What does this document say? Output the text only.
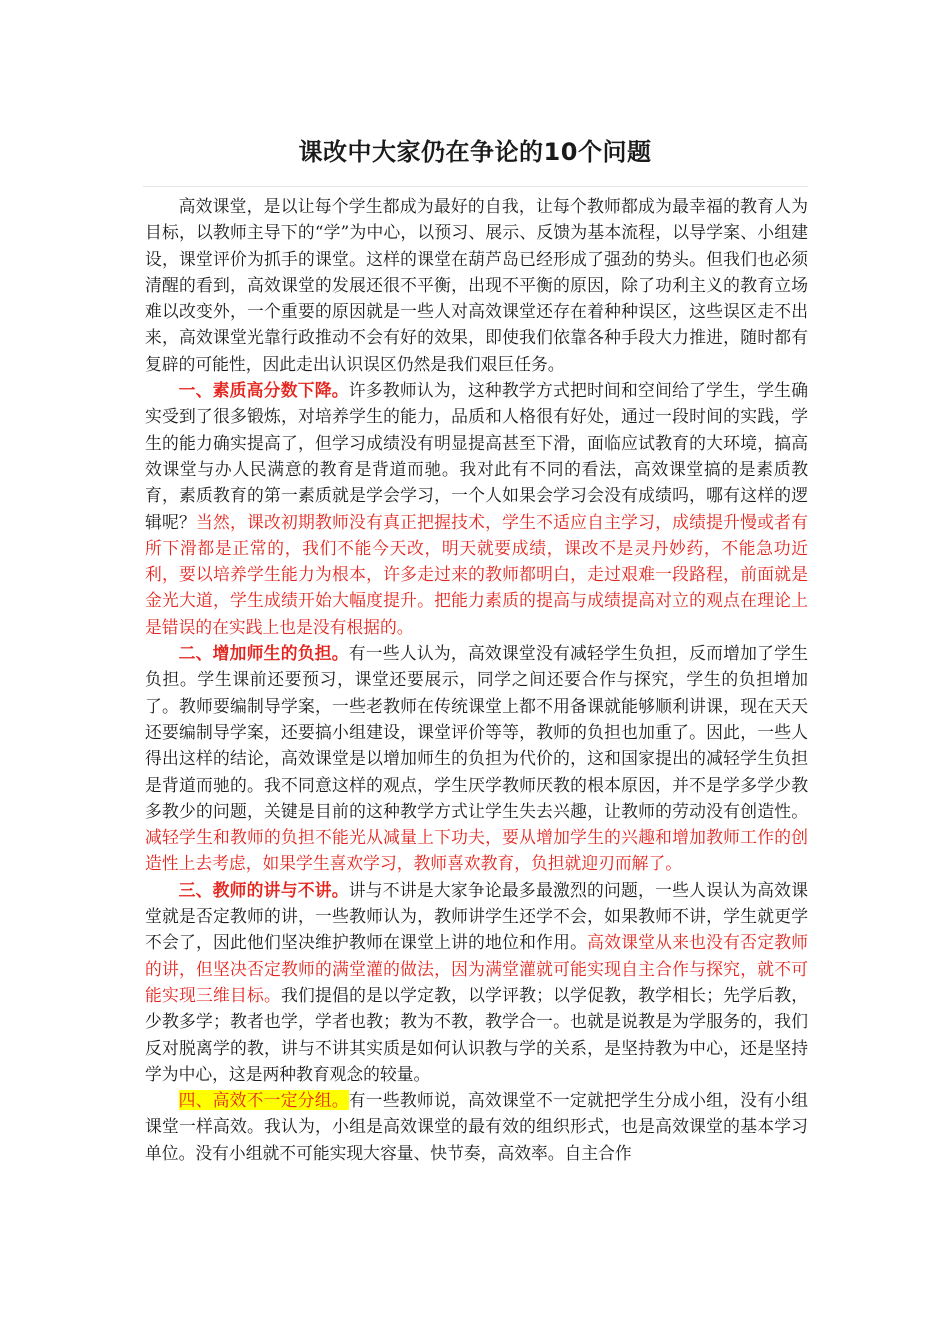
课改中大家仍在争论的10个问题

高效课堂，是以让每个学生都成为最好的自我，让每个教师都成为最幸福的教育人为目标，以教师主导下的“学”为中心，以预习、展示、反馈为基本流程，以导学案、小组建设，课堂评价为抓手的课堂。这样的课堂在葫芦岛已经形成了强劲的势头。但我们也必须清醒的看到，高效课堂的发展还很不平衡，出现不平衡的原因，除了功利主义的教育立场难以改变外，一个重要的原因就是一些人对高效课堂还存在着种种误区，这些误区走不出来，高效课堂光靠行政推动不会有好的效果，即使我们依靠各种手段大力推进，随时都有复辟的可能性，因此走出认识误区仍然是我们艰巨任务。

一、素质高分数下降。许多教师认为，这种教学方式把时间和空间给了学生，学生确实受到了很多锻炼，对培养学生的能力，品质和人格很有好处，通过一段时间的实践，学生的能力确实提高了，但学习成绩没有明显提高甚至下滑，面临应试教育的大环境，搞高效课堂与办人民满意的教育是背道而驰。我对此有不同的看法，高效课堂搞的是素质教育，素质教育的第一素质就是学会学习，一个人如果会学习会没有成绩吗，哪有这样的逻辑呢？当然，课改初期教师没有真正把握技术，学生不适应自主学习，成绩提升慢或者有所下滑都是正常的，我们不能今天改，明天就要成绩，课改不是灵丹妙药，不能急功近利，要以培养学生能力为根本，许多走过来的教师都明白，走过艰难一段路程，前面就是金光大道，学生成绩开始大幅度提升。把能力素质的提高与成绩提高对立的观点在理论上是错误的在实践上也是没有根据的。

二、增加师生的负担。有一些人认为，高效课堂没有减轻学生负担，反而增加了学生负担。学生课前还要预习，课堂还要展示，同学之间还要合作与探究，学生的负担增加了。教师要编制导学案，一些老教师在传统课堂上都不用备课就能够顺利讲课，现在天天还要编制导学案，还要搞小组建设，课堂评价等等，教师的负担也加重了。因此，一些人得出这样的结论，高效课堂是以增加师生的负担为代价的，这和国家提出的减轻学生负担是背道而驰的。我不同意这样的观点，学生厌学教师厌教的根本原因，并不是学多学少教多教少的问题，关键是目前的这种教学方式让学生失去兴趣，让教师的劳动没有创造性。减轻学生和教师的负担不能光从减量上下功夫，要从增加学生的兴趣和增加教师工作的创造性上去考虑，如果学生喜欢学习，教师喜欢教育，负担就迎刃而解了。

三、教师的讲与不讲。讲与不讲是大家争论最多最激烈的问题，一些人误认为高效课堂就是否定教师的讲，一些教师认为，教师讲学生还学不会，如果教师不讲，学生就更学不会了，因此他们坚决维护教师在课堂上讲的地位和作用。高效课堂从来也没有否定教师的讲，但坚决否定教师的满堂灌的做法，因为满堂灌就可能实现自主合作与探究，就不可能实现三维目标。我们提倡的是以学定教，以学评教；以学促教，教学相长；先学后教，少教多学；教者也学，学者也教；教为不教，教学合一。也就是说教是为学服务的，我们反对脱离学的教，讲与不讲其实质是如何认识教与学的关系，是坚持教为中心，还是坚持学为中心，这是两种教育观念的较量。

四、高效不一定分组。有一些教师说，高效课堂不一定就把学生分成小组，没有小组课堂一样高效。我认为，小组是高效课堂的最有效的组织形式，也是高效课堂的基本学习单位。没有小组就不可能实现大容量、快节奏，高效率。自主合作
